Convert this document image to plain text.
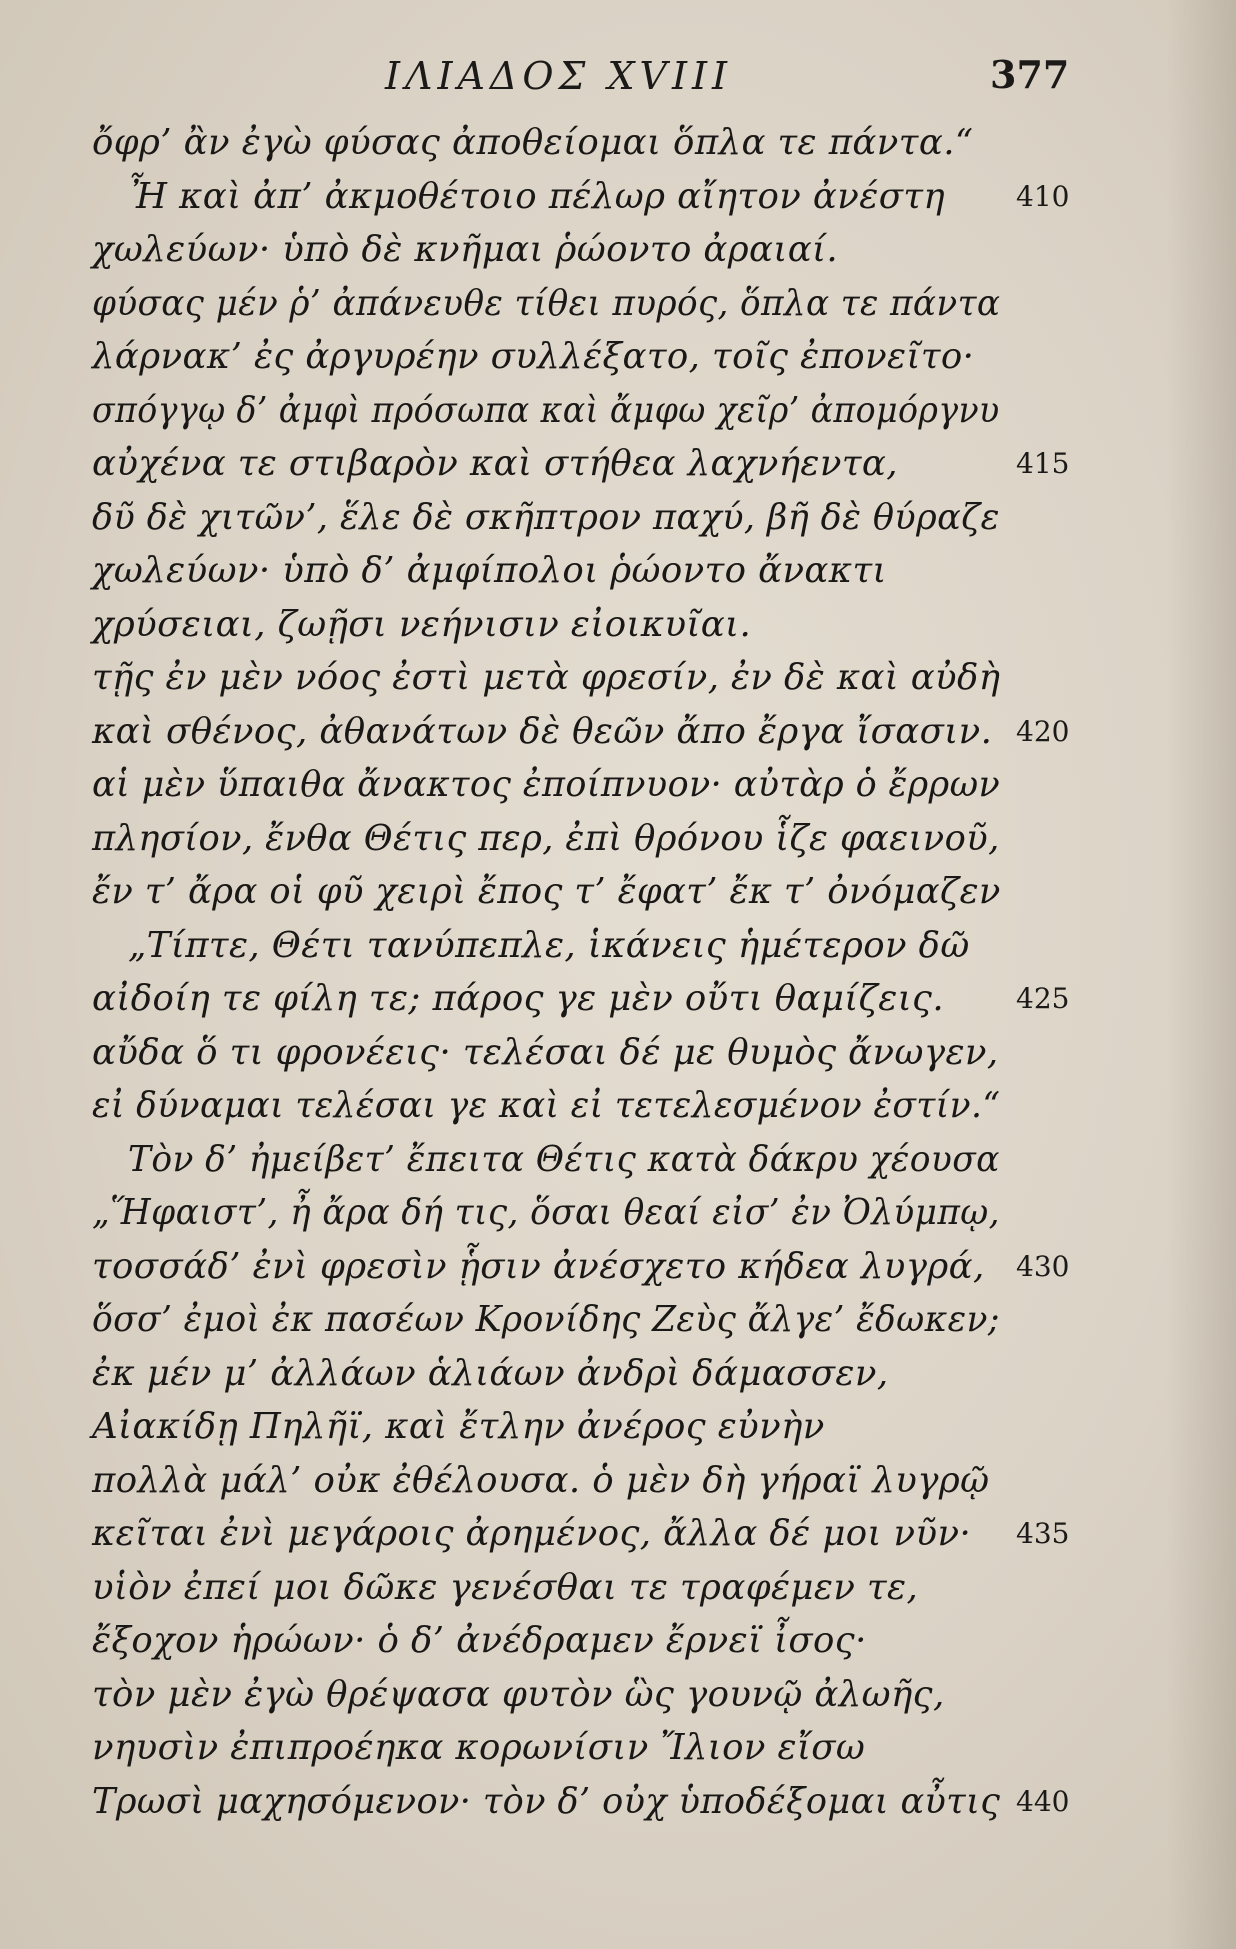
ΙΛΙΑΔΟΣ XVIII	377
ὄφρ’ ἂν ἐγὼ φύσας ἀποθείομαι ὅπλα τε πάντα.“
Ἦ καὶ ἀπ’ ἀκμοθέτοιο πέλωρ αἴητον ἀνέστη	410
χωλεύων· ὑπὸ δὲ κνῆμαι ῥώοντο ἀραιαί.
φύσας μέν ῥ’ ἀπάνευθε τίθει πυρός, ὅπλα τε πάντα
λάρνακ’ ἐς ἀργυρέην συλλέξατο, τοῖς ἐπονεῖτο·
σπόγγῳ δ’ ἀμφὶ πρόσωπα καὶ ἄμφω χεῖρ’ ἀπομόργνυ
αὐχένα τε στιβαρὸν καὶ στήθεα λαχνήεντα,	415
δῦ δὲ χιτῶν’, ἕλε δὲ σκῆπτρον παχύ, βῆ δὲ θύραζε
χωλεύων· ὑπὸ δ’ ἀμφίπολοι ῥώοντο ἄνακτι
χρύσειαι, ζωῇσι νεήνισιν εἰοικυῖαι.
τῇς ἐν μὲν νόος ἐστὶ μετὰ φρεσίν, ἐν δὲ καὶ αὐδὴ
καὶ σθένος, ἀθανάτων δὲ θεῶν ἄπο ἔργα ἴσασιν. 420
αἱ μὲν ὕπαιθα ἄνακτος ἐποίπνυον· αὐτὰρ ὁ ἔρρων
πλησίον, ἔνθα Θέτις περ, ἐπὶ θρόνου ἷζε φαεινοῦ,
ἔν τ’ ἄρα οἱ φῦ χειρὶ ἔπος τ’ ἔφατ’ ἔκ τ’ ὀνόμαζεν
„Τίπτε, Θέτι τανύπεπλε, ἱκάνεις ἡμέτερον δῶ
αἰδοίη τε φίλη τε; πάρος γε μὲν οὔτι θαμίζεις.	425
αὔδα ὅ τι φρονέεις· τελέσαι δέ με θυμὸς ἄνωγεν,
εἰ δύναμαι τελέσαι γε καὶ εἰ τετελεσμένον ἐστίν.“
Τὸν δ’ ἠμείβετ’ ἔπειτα Θέτις κατὰ δάκρυ χέουσα
„Ἥφαιστ’, ἦ ἄρα δή τις, ὅσαι θεαί εἰσ’ ἐν Ὀλύμπῳ,
τοσσάδ’ ἐνὶ φρεσὶν ᾗσιν ἀνέσχετο κήδεα λυγρά, 430
ὅσσ’ ἐμοὶ ἐκ πασέων Κρονίδης Ζεὺς ἄλγε’ ἔδωκεν;
ἐκ μέν μ’ ἀλλάων ἁλιάων ἀνδρὶ δάμασσεν,
Αἰακίδῃ Πηλῆϊ, καὶ ἔτλην ἀνέρος εὐνὴν
πολλὰ μάλ’ οὐκ ἐθέλουσα. ὁ μὲν δὴ γήραϊ λυγρῷ
κεῖται ἐνὶ μεγάροις ἀρημένος, ἄλλα δέ μοι νῦν· 435
υἱὸν ἐπεί μοι δῶκε γενέσθαι τε τραφέμεν τε,
ἔξοχον ἡρώων· ὁ δ’ ἀνέδραμεν ἔρνεϊ ἶσος·
τὸν μὲν ἐγὼ θρέψασα φυτὸν ὣς γουνῷ ἀλωῆς,
νηυσὶν ἐπιπροέηκα κορωνίσιν Ἴλιον εἴσω
Τρωσὶ μαχησόμενον· τὸν δ’ οὐχ ὑποδέξομαι αὖτις 440
